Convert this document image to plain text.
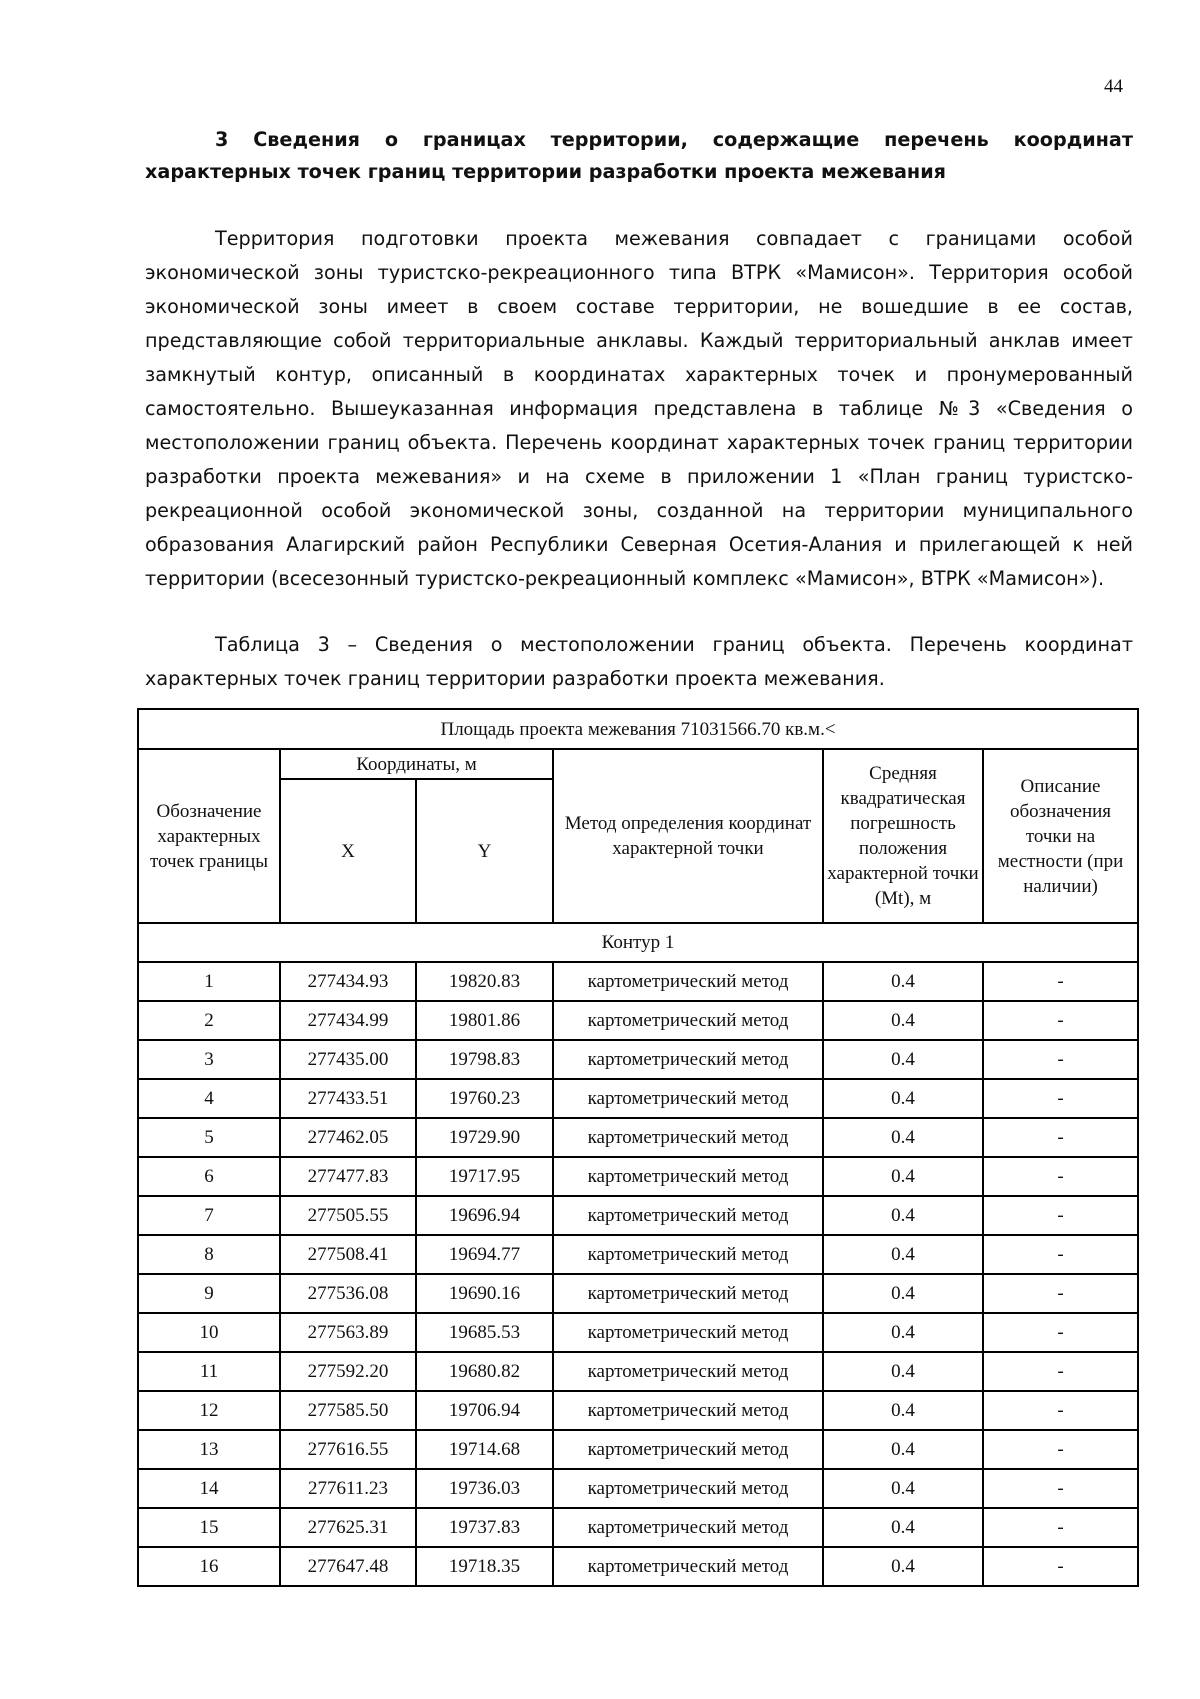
44

3 Сведения о границах территории, содержащие перечень координат характерных точек границ территории разработки проекта межевания

Территория подготовки проекта межевания совпадает с границами особой экономической зоны туристско-рекреационного типа ВТРК «Мамисон». Территория особой экономической зоны имеет в своем составе территории, не вошедшие в ее состав, представляющие собой территориальные анклавы. Каждый территориальный анклав имеет замкнутый контур, описанный в координатах характерных точек и пронумерованный самостоятельно. Вышеуказанная информация представлена в таблице №3 «Сведения о местоположении границ объекта. Перечень координат характерных точек границ территории разработки проекта межевания» и на схеме в приложении 1 «План границ туристско-рекреационной особой экономической зоны, созданной на территории муниципального образования Алагирский район Республики Северная Осетия-Алания и прилегающей к ней территории (всесезонный туристско-рекреационный комплекс «Мамисон», ВТРК «Мамисон»).

Таблица 3 – Сведения о местоположении границ объекта. Перечень координат характерных точек границ территории разработки проекта межевания.

Площадь проекта межевания 71031566.70 кв.м.<					
Обозначение характерных точек границы	Координаты, м		Метод определения координат характерной точки	Средняя квадратическая погрешность положения характерной точки (Mt), м	Описание обозначения точки на местности (при наличии)
	X	Y			
Контур 1					
1	277434.93	19820.83	картометрический метод	0.4	-
2	277434.99	19801.86	картометрический метод	0.4	-
3	277435.00	19798.83	картометрический метод	0.4	-
4	277433.51	19760.23	картометрический метод	0.4	-
5	277462.05	19729.90	картометрический метод	0.4	-
6	277477.83	19717.95	картометрический метод	0.4	-
7	277505.55	19696.94	картометрический метод	0.4	-
8	277508.41	19694.77	картометрический метод	0.4	-
9	277536.08	19690.16	картометрический метод	0.4	-
10	277563.89	19685.53	картометрический метод	0.4	-
11	277592.20	19680.82	картометрический метод	0.4	-
12	277585.50	19706.94	картометрический метод	0.4	-
13	277616.55	19714.68	картометрический метод	0.4	-
14	277611.23	19736.03	картометрический метод	0.4	-
15	277625.31	19737.83	картометрический метод	0.4	-
16	277647.48	19718.35	картометрический метод	0.4	-
